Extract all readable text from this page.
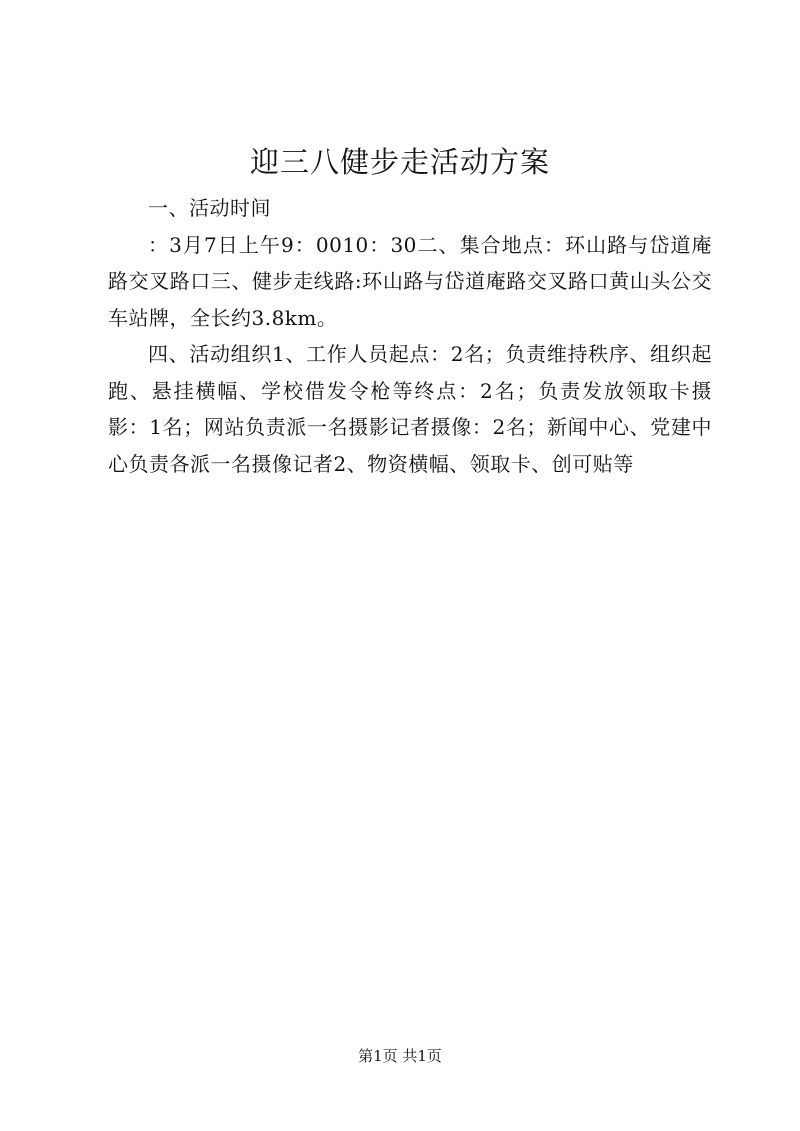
迎三八健步走活动方案

一、活动时间

：3月7日上午9：0010：30二、集合地点：环山路与岱道庵路交叉路口三、健步走线路:环山路与岱道庵路交叉路口黄山头公交车站牌，全长约3.8km。

四、活动组织1、工作人员起点：2名；负责维持秩序、组织起跑、悬挂横幅、学校借发令枪等终点：2名；负责发放领取卡摄影：1名；网站负责派一名摄影记者摄像：2名；新闻中心、党建中心负责各派一名摄像记者2、物资横幅、领取卡、创可贴等

第1页 共1页
